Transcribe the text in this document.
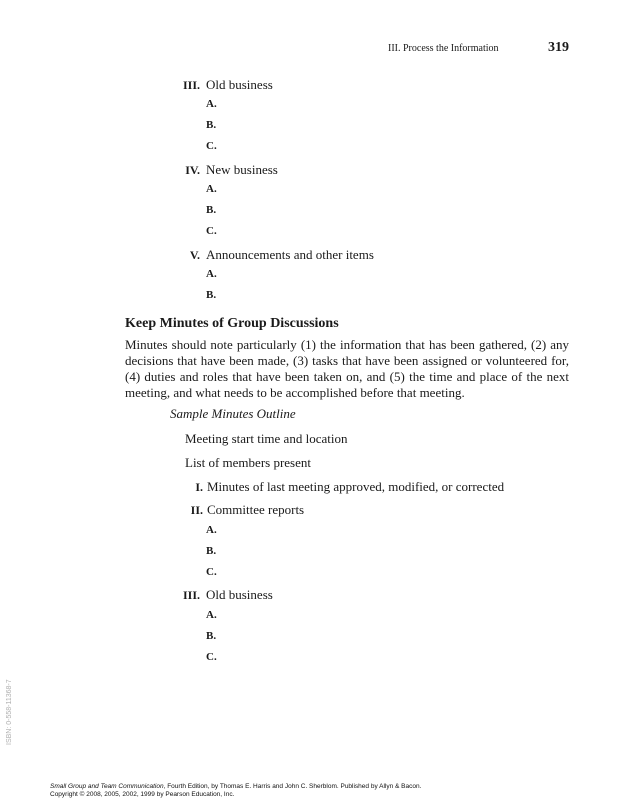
III. Process the Information	319
III. Old business
A.
B.
C.
IV. New business
A.
B.
C.
V. Announcements and other items
A.
B.
Keep Minutes of Group Discussions

Minutes should note particularly (1) the information that has been gathered, (2) any decisions that have been made, (3) tasks that have been assigned or volunteered for, (4) duties and roles that have been taken on, and (5) the time and place of the next meeting, and what needs to be accomplished before that meeting.

Sample Minutes Outline
Meeting start time and location
List of members present
I. Minutes of last meeting approved, modified, or corrected
II. Committee reports
A.
B.
C.
III. Old business
A.
B.
C.
ISBN: 0-558-11368-7
Small Group and Team Communication, Fourth Edition, by Thomas E. Harris and John C. Sherblom. Published by Allyn & Bacon.
Copyright © 2008, 2005, 2002, 1999 by Pearson Education, Inc.
